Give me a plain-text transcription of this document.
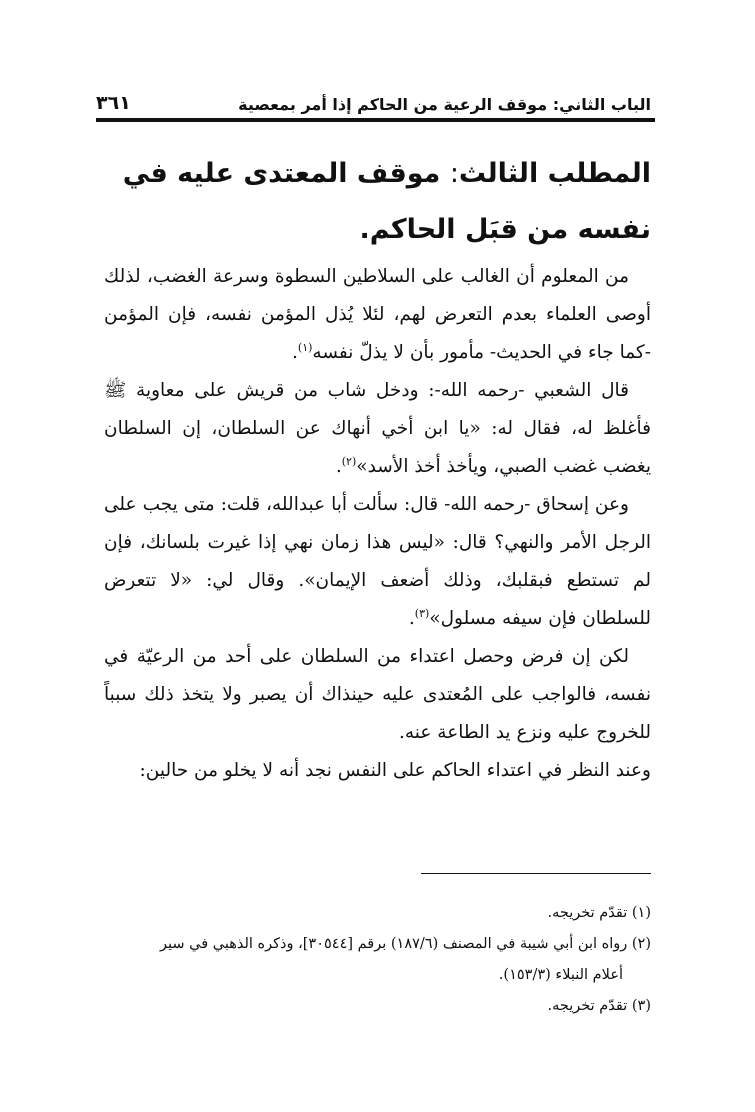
الباب الثاني: موقف الرعية من الحاكم إذا أمر بمعصية
٣٦١
المطلب الثالث: موقف المعتدى عليه في نفسه من قبَل الحاكم.

من المعلوم أن الغالب على السلاطين السطوة وسرعة الغضب، لذلك أوصى العلماء بعدم التعرض لهم، لئلا يُذل المؤمن نفسه، فإن المؤمن -كما جاء في الحديث- مأمور بأن لا يذلّ نفسه$^{(١)}$.

قال الشعبي -رحمه الله-: ودخل شاب من قريش على معاوية ﷺ فأغلظ له، فقال له: «يا ابن أخي أنهاك عن السلطان، إن السلطان يغضب غضب الصبي، ويأخذ أخذ الأسد»$^{(٢)}$.

وعن إسحاق -رحمه الله- قال: سألت أبا عبدالله، قلت: متى يجب على الرجل الأمر والنهي؟ قال: «ليس هذا زمان نهي إذا غيرت بلسانك، فإن لم تستطع فبقلبك، وذلك أضعف الإيمان». وقال لي: «لا تتعرض للسلطان فإن سيفه مسلول»$^{(٣)}$.

لكن إن فرض وحصل اعتداء من السلطان على أحد من الرعيّة في نفسه، فالواجب على المُعتدى عليه حينذاك أن يصبر ولا يتخذ ذلك سبباً للخروج عليه ونزع يد الطاعة عنه.

وعند النظر في اعتداء الحاكم على النفس نجد أنه لا يخلو من حالين:

(١) تقدّم تخريجه.

(٢) رواه ابن أبي شيبة في المصنف (١٨٧/٦) برقم [٣٠٥٤٤]، وذكره الذهبي في سير

أعلام النبلاء (١٥٣/٣).

(٣) تقدّم تخريجه.
